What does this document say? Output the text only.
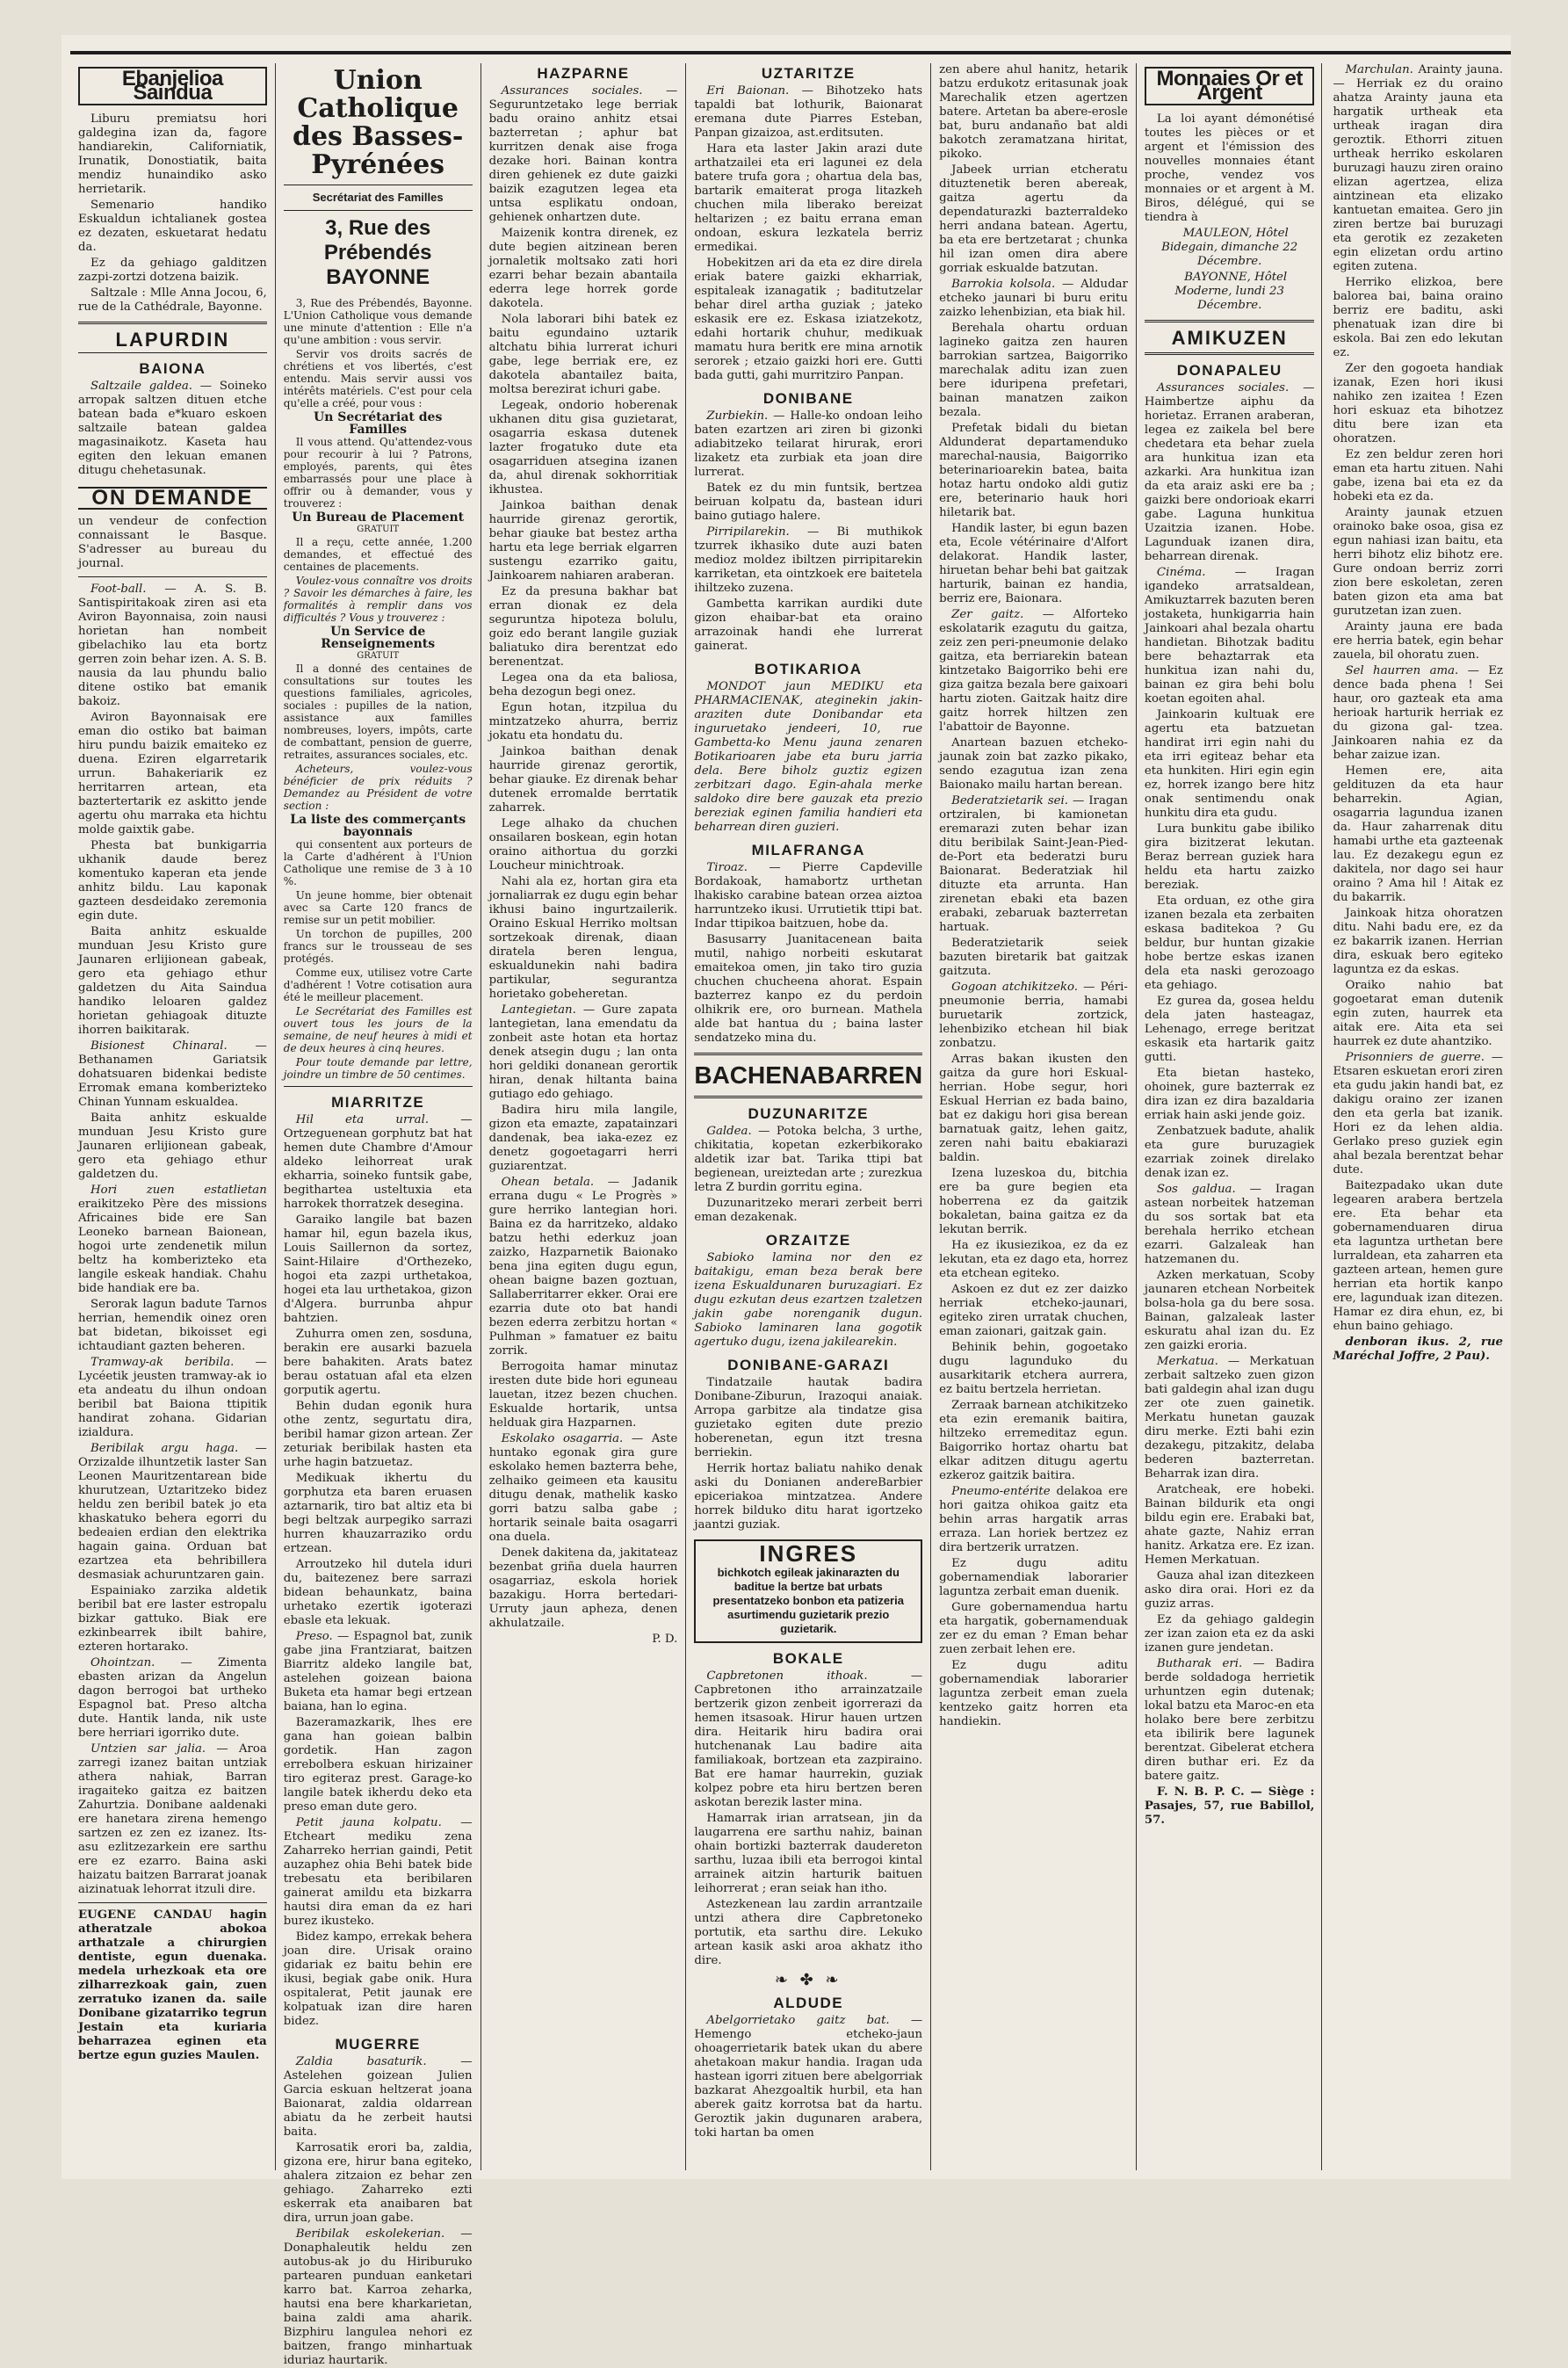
Ebanjelioa Saindua

Liburu premiatsu hori galdegina izan da, fagore handiarekin, Californiatik, Irunatik, Donostiatik, baita mendiz hunaindiko asko herrietarik.

Semenario handiko Eskualdun ichtalianek gostea ez dezaten, eskuetarat hedatu da.

Ez da gehiago galditzen zazpi-zortzi dotzena baizik.

Saltzale : Mlle Anna Jocou, 6, rue de la Cathédrale, Bayonne.

LAPURDIN
BAIONA

Saltzaile galdea. — Soineko arropak saltzen dituen etche batean bada e*kuaro eskoen saltzaile batean galdea magasinaikotz. Kaseta hau egiten den lekuan emanen ditugu chehetasunak.

ON DEMANDE

un vendeur de confection connaissant le Basque. S'adresser au bureau du journal.

Foot-ball. — A. S. B. Santispiritakoak ziren asi eta Aviron Bayonnaisa, zoin nausi horietan han nombeit gibelachiko lau eta bortz gerren zoin behar izen. A. S. B. nausia da lau phundu balio ditene ostiko bat emanik bakoiz.

Aviron Bayonnaisak ere eman dio ostiko bat baiman hiru pundu baizik emaiteko ez duena. Eziren elgarretarik urrun. Bahakeriarik ez herritarren artean, eta baztertertarik ez askitto jende agertu ohu marraka eta hichtu molde gaixtik gabe.

Phesta bat bunkigarria ukhanik daude berez komentuko kaperan eta jende anhitz bildu. Lau kaponak gazteen desdeidako zeremonia egin dute.

Baita anhitz eskualde munduan Jesu Kristo gure Jaunaren erlijionean gabeak, gero eta gehiago ethur galdetzen du Aita Saindua handiko leloaren galdez horietan gehiagoak dituzte ihorren baikitarak.

Bisionest Chinaral. — Bethanamen Gariatsik dohatsuaren bidenkai bediste Erromak emana komberizteko Chinan Yunnam eskualdea.

Baita anhitz eskualde munduan Jesu Kristo gure Jaunaren erlijionean gabeak, gero eta gehiago ethur galdetzen du.

Hori zuen estatlietan eraikitzeko Père des missions Africaines bide ere San Leoneko barnean Baionean, hogoi urte zendenetik milun beltz ha komberizteko eta langile eskeak handiak. Chahu bide handiak ere ba.

Serorak lagun badute Tarnos herrian, hemendik oinez oren bat bidetan, bikoisset egi ichtaudiant gazten beheren.

Tramway-ak beribila. — Lycéetik jeusten tramway-ak io eta andeatu du ilhun ondoan beribil bat Baiona ttipitik handirat zohana. Gidarian izialdura.

Beribilak argu haga. — Orzizalde ilhuntzetik laster San Leonen Mauritzentarean bide khurutzean, Uztaritzeko bidez heldu zen beribil batek jo eta khaskatuko behera egorri du bedeaien erdian den elektrika hagain gaina. Orduan bat ezartzea eta behribillera desmasiak achuruntzaren gain.

Espainiako zarzika aldetik beribil bat ere laster estropalu bizkar gattuko. Biak ere ezkinbearrek ibilt bahire, ezteren hortarako.

Ohointzan. — Zimenta ebasten arizan da Angelun dagon berrogoi bat urtheko Espagnol bat. Preso altcha dute. Hantik landa, nik uste bere herriari igorriko dute.

Untzien sar jalia. — Aroa zarregi izanez baitan untziak athera nahiak, Barran iragaiteko gaitza ez baitzen Zahurtzia. Donibane aaldenaki ere hanetara zirena hemengo sartzen ez zen ez izanez. Its-asu ezlitzezarkein ere sarthu ere ez ezarro. Baina aski haizatu baitzen Barrarat joanak aizinatuak lehorrat itzuli dire.

EUGENE CANDAU hagin atheratzale abokoa arthatzale a chirurgien dentiste, egun duenaka. medela urhezkoak eta ore zilharrezkoak gain, zuen zerratuko izanen da. saile Donibane gizatarriko tegrun Jestain eta kuriaria beharrazea eginen eta bertze egun guzies Maulen.

Union Catholique des Basses-Pyrénées
Secrétariat des Familles
3, Rue des Prébendés
BAYONNE

3, Rue des Prébendés, Bayonne. L'Union Catholique vous demande une minute d'attention : Elle n'a qu'une ambition : vous servir.

Servir vos droits sacrés de chrétiens et vos libertés, c'est entendu. Mais servir aussi vos intérêts matériels. C'est pour cela qu'elle a créé, pour vous :

Un Secrétariat des Familles

Il vous attend. Qu'attendez-vous pour recourir à lui ? Patrons, employés, parents, qui êtes embarrassés pour une place à offrir ou à demander, vous y trouverez :

Un Bureau de Placement
GRATUIT

Il a reçu, cette année, 1.200 demandes, et effectué des centaines de placements.

Voulez-vous connaître vos droits ? Savoir les démarches à faire, les formalités à remplir dans vos difficultés ? Vous y trouverez :

Un Service de Renseignements
GRATUIT

Il a donné des centaines de consultations sur toutes les questions familiales, agricoles, sociales : pupilles de la nation, assistance aux familles nombreuses, loyers, impôts, carte de combattant, pension de guerre, retraites, assurances sociales, etc.

Acheteurs, voulez-vous bénéficier de prix réduits ? Demandez au Président de votre section :

La liste des commerçants bayonnais

qui consentent aux porteurs de la Carte d'adhérent à l'Union Catholique une remise de 3 à 10 %.

Un jeune homme, bier obtenait avec sa Carte 120 francs de remise sur un petit mobilier.

Un torchon de pupilles, 200 francs sur le trousseau de ses protégés.

Comme eux, utilisez votre Carte d'adhérent ! Votre cotisation aura été le meilleur placement.

Le Secrétariat des Familles est ouvert tous les jours de la semaine, de neuf heures à midi et de deux heures à cinq heures.

Pour toute demande par lettre, joindre un timbre de 50 centimes.

MIARRITZE

Hil eta urral.	— Ortzeguenean gorphutz bat hat hemen dute Chambre d'Amour aldeko leihorreat urak ekharria, soineko funtsik gabe, begithartea usteltuxia eta harrokek thorratzek desegina.

Garaiko langile bat bazen hamar hil, egun bazela ikus, Louis Saillernon da sortez, Saint-Hilaire d'Orthezeko, hogoi eta zazpi urthetakoa, hogei eta lau urthetakoa, gizon d'Algera. burrunba ahpur bahtzien.

Zuhurra omen zen, sosduna, berakin ere ausarki bazuela bere bahakiten. Arats batez berau ostatuan afal eta elzen gorputik agertu.

Behin dudan egonik hura othe zentz, segurtatu dira, beribil hamar gizon artean. Zer zeturiak beribilak hasten eta urhe hagin batzuetaz.

Medikuak ikhertu du gorphutza eta baren eruasen aztarnarik, tiro bat altiz eta bi begi beltzak aurpegiko sarrazi hurren khauzarraziko ordu ertzean.

Arroutzeko hil dutela iduri du, baitezenez bere sarrazi bidean behaunkatz, baina urhetako ezertik igoterazi ebasle eta lekuak.

Preso. — Espagnol bat, zunik gabe jina Frantziarat, baitzen Biarritz aldeko langile bat, astelehen goizean baiona Buketa eta hamar begi ertzean baiana, han lo egina.

Bazeramazkarik, lhes ere gana han goiean balbin gordetik. Han zagon errebolbera eskuan hirizainer tiro egiteraz prest. Garage-ko langile batek ikherdu deko eta preso eman dute gero.

Petit jauna kolpatu. — Etcheart mediku zena Zaharreko herrian gaindi, Petit auzaphez ohia Behi batek bide trebesatu eta beribilaren gainerat amildu eta bizkarra hautsi dira eman da ez hari burez ikusteko.

Bidez kampo, errekak behera joan dire. Urisak oraino gidariak ez baitu behin ere ikusi, begiak gabe onik. Hura ospitalerat, Petit jaunak ere kolpatuak izan dire haren bidez.

MUGERRE

Zaldia basaturik.	— Astelehen goizean Julien Garcia eskuan heltzerat joana Baionarat, zaldia oldarrean abiatu da he zerbeit hautsi baita.

Karrosatik erori ba, zaldia, gizona ere, hirur bana egiteko, ahalera zitzaion ez behar zen gehiago. Zaharreko ezti eskerrak eta anaibaren bat dira, urrun joan gabe.

Beribilak eskolekerian. — Donaphaleutik heldu zen autobus-ak jo du Hiriburuko partearen punduan eanketari karro bat. Karroa zeharka, hautsi ena bere kharkarietan, baina zaldi ama aharik. Bizphiru langulea nehori ez baitzen, frango minhartuak iduriaz haurtarik.

HAZPARNE

Assurances sociales. — Seguruntzetako lege berriak badu oraino anhitz etsai bazterretan ; aphur bat kurritzen denak aise froga dezake hori. Bainan kontra diren gehienek ez dute gaizki baizik ezagutzen legea eta untsa esplikatu ondoan, gehienek onhartzen dute.

Maizenik kontra direnek, ez dute begien aitzinean beren jornaletik moltsako zati hori ezarri behar bezain abantaila ederra lege horrek gorde dakotela.

Nola laborari bihi batek ez baitu egundaino uztarik altchatu bihia lurrerat ichuri gabe, lege berriak ere, ez dakotela abantailez baita, moltsa berezirat ichuri gabe.

Legeak, ondorio hoberenak ukhanen ditu gisa guzietarat, osagarria eskasa dutenek lazter frogatuko dute eta osagarriduen atsegina izanen da, ahul direnak sokhorritiak ikhustea.

Jainkoa baithan denak haurride girenaz gerortik, behar giauke bat bestez artha hartu eta lege berriak elgarren sustengu ezarriko gaitu, Jainkoarem nahiaren araberan.

Ez da presuna bakhar bat erran dionak ez dela seguruntza hipoteza bolulu, goiz edo berant langile guziak baliatuko dira berentzat edo berenentzat.

Legea ona da eta baliosa, beha dezogun begi onez.

Egun hotan, itzpilua du mintzatzeko ahurra, berriz jokatu eta hondatu du.

Jainkoa baithan denak haurride girenaz gerortik, behar giauke. Ez direnak behar dutenek erromalde berrtatik zaharrek.

Lege alhako da chuchen onsailaren boskean, egin hotan oraino aithortua du gorzki Loucheur minichtroak.

Nahi ala ez, hortan gira eta jornaliarrak ez dugu egin behar ikhusi baino ingurtzailerik. Oraino Eskual Herriko moltsan sortzekoak direnak, diaan diratela beren lengua, eskualdunekin nahi badira partikular, segurantza horietako gobeheretan.

Lantegietan. — Gure zapata lantegietan, lana emendatu da zonbeit aste hotan eta hortaz denek atsegin dugu ; lan onta hori geldiki donanean gerortik hiran, denak hiltanta baina gutiago edo gehiago.

Badira hiru mila langile, gizon eta emazte, zapatainzari dandenak, bea iaka-ezez ez denetz gogoetagarri herri guziarentzat.

Ohean betala. — Jadanik errana dugu « Le Progrès » gure herriko lantegian hori. Baina ez da harritzeko, aldako batzu hethi ederkuz joan zaizko, Hazparnetik Baionako bena jina egiten dugu egun, ohean baigne bazen goztuan, Sallaberritarrer ekker. Orai ere ezarria dute oto bat handi bezen ederra zerbitzu hortan « Pulhman » famatuer ez baitu zorrik.

Berrogoita hamar minutaz iresten dute bide hori eguneau lauetan, itzez bezen chuchen. Eskualde hortarik, untsa helduak gira Hazparnen.

Eskolako osagarria. — Aste huntako egonak gira gure eskolako hemen bazterra behe, zelhaiko geimeen eta kausitu ditugu denak, mathelik kasko gorri batzu salba gabe ; hortarik seinale baita osagarri ona duela.

Denek dakitena da, jakitateaz bezenbat griña duela haurren osagarriaz, eskola horiek bazakigu. Horra bertedari-Urruty jaun apheza, denen akhulatzaile.

P. D.
UZTARITZE

Eri Baionan. — Bihotzeko hats tapaldi bat lothurik, Baionarat eremana dute Piarres Esteban, Panpan gizaizoa, ast.erditsuten.

Hara eta laster Jakin arazi dute arthatzailei eta eri lagunei ez dela batere trufa gora ; ohartua dela bas, bartarik emaiterat proga litazkeh chuchen mila liberako bereizat heltarizen ; ez baitu errana eman ondoan, eskura lezkatela berriz ermedikai.

Hobekitzen ari da eta ez dire direla eriak batere gaizki ekharriak, espitaleak izanagatik ; baditutzelar behar direl artha guziak ; jateko eskasik ere ez. Eskasa iziatzekotz, edahi hortarik chuhur, medikuak mamatu hura beritk ere mina arnotik serorek ; etzaio gaizki hori ere. Gutti bada gutti, gahi murritziro Panpan.

DONIBANE

Zurbiekin. — Halle-ko ondoan leiho baten ezartzen ari ziren bi gizonki adiabitzeko teilarat hirurak, erori lizaketz eta zurbiak eta joan dire lurrerat.

Batek ez du min funtsik, bertzea beiruan kolpatu da, bastean iduri baino gutiago halere.

Pirripilarekin. — Bi muthikok tzurrek ikhasiko dute auzi baten medioz moldez ibiltzen pirripitarekin karriketan, eta ointzkoek ere baitetela ihiltzeko zuzena.

Gambetta karrikan aurdiki dute gizon ehaibar-bat eta oraino arrazoinak handi ehe lurrerat gainerat.

BOTIKARIOA

MONDOT jaun MEDIKU eta PHARMACIENAK, ateginekin jakin-araziten dute Donibandar eta inguruetako jendeeri, 10, rue Gambetta-ko Menu jauna zenaren Botikarioaren jabe eta buru jarria dela. Bere biholz guztiz egizen zerbitzari dago. Egin-ahala merke saldoko dire bere gauzak eta prezio bereziak eginen familia handieri eta beharrean diren guzieri.

MILAFRANGA

Tiroaz. — Pierre Capdeville Bordakoak, hamabortz urthetan lhakisko carabine batean orzea aiztoa harruntzeko ikusi. Urrutietik ttipi bat. Indar ttipikoa baitzuen, hobe da.

Basusarry Juanitacenean baita mutil, nahigo norbeiti eskutarat emaitekoa omen, jin tako tiro guzia chuchen chucheena ahorat. Espain bazterrez kanpo ez du perdoin olhikrik ere, oro burnean. Mathela alde bat hantua du ; baina laster sendatzeko mina du.

BACHENABARREN
DUZUNARITZE

Galdea. — Potoka belcha, 3 urthe, chikitatia, kopetan ezkerbikorako aldetik izar bat. Tarika ttipi bat begienean, ureiztedan arte ; zurezkua letra Z burdin gorritu egina.

Duzunaritzeko merari zerbeit berri eman dezakenak.

ORZAITZE

Sabioko lamina nor den ez baitakigu, eman beza berak bere izena Eskualdunaren buruzagiari. Ez dugu ezkutan deus ezartzen tzaletzen jakin gabe norenganik dugun. Sabioko laminaren lana gogotik agertuko dugu, izena jakilearekin.

DONIBANE-GARAZI

Tindatzaile hautak badira Donibane-Ziburun, Irazoqui anaiak. Arropa garbitze ala tindatze gisa guzietako egiten dute prezio hoberenetan, egun itzt tresna berriekin.

Herrik hortaz baliatu nahiko denak aski du Donianen andereBarbier epiceriakoa mintzatzea. Andere horrek bilduko ditu harat igortzeko jaantzi guziak.

INGRES
bichkotch egileak jakinarazten du baditue la bertze bat urbats presentatzeko bonbon eta patizeria asurtimendu guzietarik prezio guzietarik.
BOKALE

Capbretonen ithoak.	— Capbretonen itho arrainzatzaile bertzerik gizon zenbeit igorrerazi da hemen itsasoak. Hirur hauen urtzen dira. Heitarik hiru badira orai hutchenanak Lau badire aita familiakoak, bortzean eta zazpiraino. Bat ere hamar haurrekin, guziak kolpez pobre eta hiru bertzen beren askotan berezik laster mina.

Hamarrak irian arratsean, jin da laugarrena ere sarthu nahiz, bainan ohain bortizki bazterrak daudereton sarthu, luzaa ibili eta berrogoi kintal arrainek aitzin harturik baituen leihorrerat ; eran seiak han itho.

Astezkenean lau zardin arrantzaile untzi athera dire Capbretoneko portutik, eta sarthu dire. Lekuko artean kasik aski aroa akhatz itho dire.

❧ ✤ ❧
ALDUDE

Abelgorrietako gaitz bat. — Hemengo etcheko-jaun ohoagerrietarik batek ukan du abere ahetakoan makur handia. Iragan uda hastean igorri zituen bere abelgorriak bazkarat Ahezgoaltik hurbil, eta han aberek gaitz korrotsa bat da hartu. Geroztik jakin dugunaren arabera, toki hartan ba omen

zen abere ahul hanitz, hetarik batzu erdukotz eritasunak joak Marechalik etzen agertzen batere. Artetan ba abere-erosle bat, buru andanaño bat aldi bakotch zeramatzana hiritat, pikoko.

Jabeek urrian etcheratu dituztenetik beren abereak, gaitza agertu da dependaturazki bazterraldeko herri andana batean. Agertu, ba eta ere bertzetarat ; chunka hil izan omen dira abere gorriak eskualde batzutan.

Barrokia kolsola. — Aldudar etcheko jaunari bi buru eritu zaizko lehenbizian, eta biak hil.

Berehala ohartu orduan lagineko gaitza zen hauren barrokian sartzea, Baigorriko marechalak aditu izan zuen bere iduripena prefetari, bainan manatzen zaikon bezala.

Prefetak bidali du bietan Aldunderat departamenduko marechal-nausia, Baigorriko beterinarioarekin batea, baita hotaz hartu ondoko aldi gutiz ere, beterinario hauk hori hiletarik bat.

Handik laster, bi egun bazen eta, Ecole vétérinaire d'Alfort delakorat. Handik laster, hiruetan behar behi bat gaitzak harturik, bainan ez handia, berriz ere, Baionara.

Zer gaitz. — Alforteko eskolatarik ezagutu du gaitza, zeiz zen peri-pneumonie delako gaitza, eta berriarekin batean kintzetako Baigorriko behi ere giza gaitza bezala bere gaixoari hartu zioten. Gaitzak haitz dire gaitz horrek hiltzen zen l'abattoir de Bayonne.

Anartean bazuen etcheko-jaunak zoin bat zazko pikako, sendo ezagutua izan zena Baionako mailu hartan berean.

Bederatzietarik sei. — Iragan ortziralen, bi kamionetan eremarazi zuten behar izan ditu beribilak Saint-Jean-Pied-de-Port eta bederatzi buru Baionarat. Bederatziak hil dituzte eta arrunta. Han zirenetan ebaki eta bazen erabaki, zebaruak bazterretan hartuak.

Bederatzietarik seiek bazuten biretarik bat gaitzak gaitzuta.

Gogoan atchikitzeko. — Péri-pneumonie berria, hamabi buruetarik zortzick, lehenbiziko etchean hil biak zonbatzu.

Arras bakan ikusten den gaitza da gure hori Eskual-herrian. Hobe segur, hori Eskual Herrian ez bada baino, bat ez dakigu hori gisa berean barnatuak gaitz, lehen gaitz, zeren nahi baitu ebakiarazi baldin.

Izena luzeskoa du, bitchia ere ba gure begien eta hoberrena ez da gaitzik bokaletan, baina gaitza ez da lekutan berrik.

Ha ez ikusiezikoa, ez da ez lekutan, eta ez dago eta, horrez eta etchean egiteko.

Askoen ez dut ez zer daizko herriak etcheko-jaunari, egiteko ziren urratak chuchen, eman zaionari, gaitzak gain.

Behinik behin, gogoetako dugu lagunduko du ausarkitarik etchera aurrera, ez baitu bertzela herrietan.

Zerraak barnean atchikitzeko eta ezin eremanik baitira, hiltzeko erremeditaz egun. Baigorriko hortaz ohartu bat elkar aditzen ditugu agertu ezkeroz gaitzik baitira.

Pneumo-entérite delakoa ere hori gaitza ohikoa gaitz eta behin arras hargatik arras erraza. Lan horiek bertzez ez dira bertzerik urratzen.

Ez dugu aditu gobernamendiak laborarier laguntza zerbait eman duenik.

Gure gobernamendua hartu eta hargatik, gobernamenduak zer ez du eman ? Eman behar zuen zerbait lehen ere.

Ez dugu aditu gobernamendiak laborarier laguntza zerbeit eman zuela kentzeko gaitz horren eta handiekin.

Monnaies Or et Argent

La loi ayant démonétisé toutes les pièces or et argent et l'émission des nouvelles monnaies étant proche, vendez vos monnaies or et argent à M. Biros, délégué, qui se tiendra à

MAULEON, Hôtel Bidegain, dimanche 22 Décembre.

BAYONNE, Hôtel Moderne, lundi 23 Décembre.

AMIKUZEN
DONAPALEU

Assurances sociales. — Haimbertze aiphu da horietaz. Erranen araberan, legea ez zaikela bel bere chedetara eta behar zuela ara hunkitua izan eta azkarki. Ara hunkitua izan da eta araiz aski ere ba ; gaizki bere ondorioak ekarri gabe. Laguna hunkitua Uzaitzia izanen. Hobe. Lagunduak izanen dira, beharrean direnak.

Cinéma. — Iragan igandeko arratsaldean, Amikuztarrek bazuten beren jostaketa, hunkigarria hain Jainkoari ahal bezala ohartu handietan. Bihotzak baditu bere behaztarrak eta hunkitua izan nahi du, bainan ez gira behi bolu koetan egoiten ahal.

Jainkoarin kultuak ere agertu eta batzuetan handirat irri egin nahi du eta irri egiteaz behar eta eta hunkiten. Hiri egin egin ez, horrek izango bere hitz onak sentimendu onak hunkitu dira eta gudu.

Lura bunkitu gabe ibiliko gira bizitzerat lekutan. Beraz berrean guziek hara heldu eta hartu zaizko bereziak.

Eta orduan, ez othe gira izanen bezala eta zerbaiten eskasa baditekoa ? Gu beldur, bur huntan gizakie hobe bertze eskas izanen dela eta naski gerozoago eta gehiago.

Ez gurea da, gosea heldu dela jaten hasteagaz, Lehenago, errege beritzat eskasik eta hartarik gaitz gutti.

Eta bietan hasteko, ohoinek, gure bazterrak ez dira izan ez dira bazaldaria erriak hain aski jende goiz.

Zenbatzuek badute, ahalik eta gure buruzagiek ezarriak zoinek direlako denak izan ez.

Sos galdua. — Iragan astean norbeitek hatzeman du sos sortak bat eta berehala herriko etchean ezarri. Galzaleak han hatzemanen du.

Azken merkatuan, Scoby jaunaren etchean Norbeitek bolsa-hola ga du bere sosa. Bainan, galzaleak laster eskuratu ahal izan du. Ez zen gaizki eroria.

Merkatua. — Merkatuan zerbait saltzeko zuen gizon bati galdegin ahal izan dugu zer ote zuen gainetik. Merkatu hunetan gauzak diru merke. Ezti bahi ezin dezakegu, pitzakitz, delaba bederen bazterretan. Beharrak izan dira.

Aratcheak, ere hobeki. Bainan bildurik eta ongi bildu egin ere. Erabaki bat, ahate gazte, Nahiz erran hanitz. Arkatza ere. Ez izan. Hemen Merkatuan.

Gauza ahal izan ditezkeen asko dira orai. Hori ez da guziz arras.

Ez da gehiago galdegin zer izan zaion eta ez da aski izanen gure jendetan.

Butharak eri. — Badira berde soldadoga herrietik urhuntzen egin dutenak; lokal batzu eta Maroc-en eta holako bere bere zerbitzu eta ibilirik bere lagunek berentzat. Gibelerat etchera diren buthar eri. Ez da batere gaitz.

F. N. B. P. C. — Siège : Pasajes, 57, rue Babillol, 57.

Marchulan. Arainty jauna. — Herriak ez du oraino ahatza Arainty jauna eta hargatik urtheak eta urtheak iragan dira geroztik. Ethorri zituen urtheak herriko eskolaren buruzagi hauzu ziren oraino elizan agertzea, eliza aintzinean eta elizako kantuetan emaitea. Gero jin ziren bertze bai buruzagi eta gerotik ez zezaketen egin elizetan ordu artino egiten zutena.

Herriko elizkoa, bere balorea bai, baina oraino berriz ere baditu, aski phenatuak izan dire bi eskola. Bai zen edo lekutan ez.

Zer den gogoeta handiak izanak, Ezen hori ikusi nahiko zen izaitea ! Ezen hori eskuaz eta bihotzez ditu bere izan eta ohoratzen.

Ez zen beldur zeren hori eman eta hartu zituen. Nahi gabe, izena bai eta ez da hobeki eta ez da.

Arainty jaunak etzuen orainoko bake osoa, gisa ez egun nahiasi izan baitu, eta herri bihotz eliz bihotz ere. Gure ondoan berriz zorri zion bere eskoletan, zeren baten gizon eta ama bat gurutzetan izan zuen.

Arainty jauna ere bada ere herria batek, egin behar zauela, bil ohoratu zuen.

Sel haurren ama. — Ez dence bada phena ! Sei haur, oro gazteak eta ama herioak harturik herriak ez du gizona gal- tzea. Jainkoaren nahia ez da behar zaizue izan.

Hemen ere, aita geldituzen da eta haur beharrekin. Agian, osagarria lagundua izanen da. Haur zaharrenak ditu hamabi urthe eta gazteenak lau. Ez dezakegu egun ez dakitela, nor dago sei haur oraino ? Ama hil ! Aitak ez du bakarrik.

Jainkoak hitza ohoratzen ditu. Nahi badu ere, ez da ez bakarrik izanen. Herrian dira, eskuak bero egiteko laguntza ez da eskas.

Oraiko nahio bat gogoetarat eman dutenik egin zuten, haurrek eta aitak ere. Aita eta sei haurrek ez dute ahantziko.

Prisonniers de guerre. — Etsaren eskuetan erori ziren eta gudu jakin handi bat, ez dakigu oraino zer izanen den eta gerla bat izanik. Hori ez da lehen aldia. Gerlako preso guziek egin ahal bezala berentzat behar dute.

Baitezpadako ukan dute legearen arabera bertzela ere. Eta behar eta gobernamenduaren dirua eta laguntza urthetan bere lurraldean, eta zaharren eta gazteen artean, hemen gure herrian eta hortik kanpo ere, lagunduak izan ditezen. Hamar ez dira ehun, ez, bi ehun baino gehiago.

denboran ikus. 2, rue Maréchal Joffre, 2 Pau).
